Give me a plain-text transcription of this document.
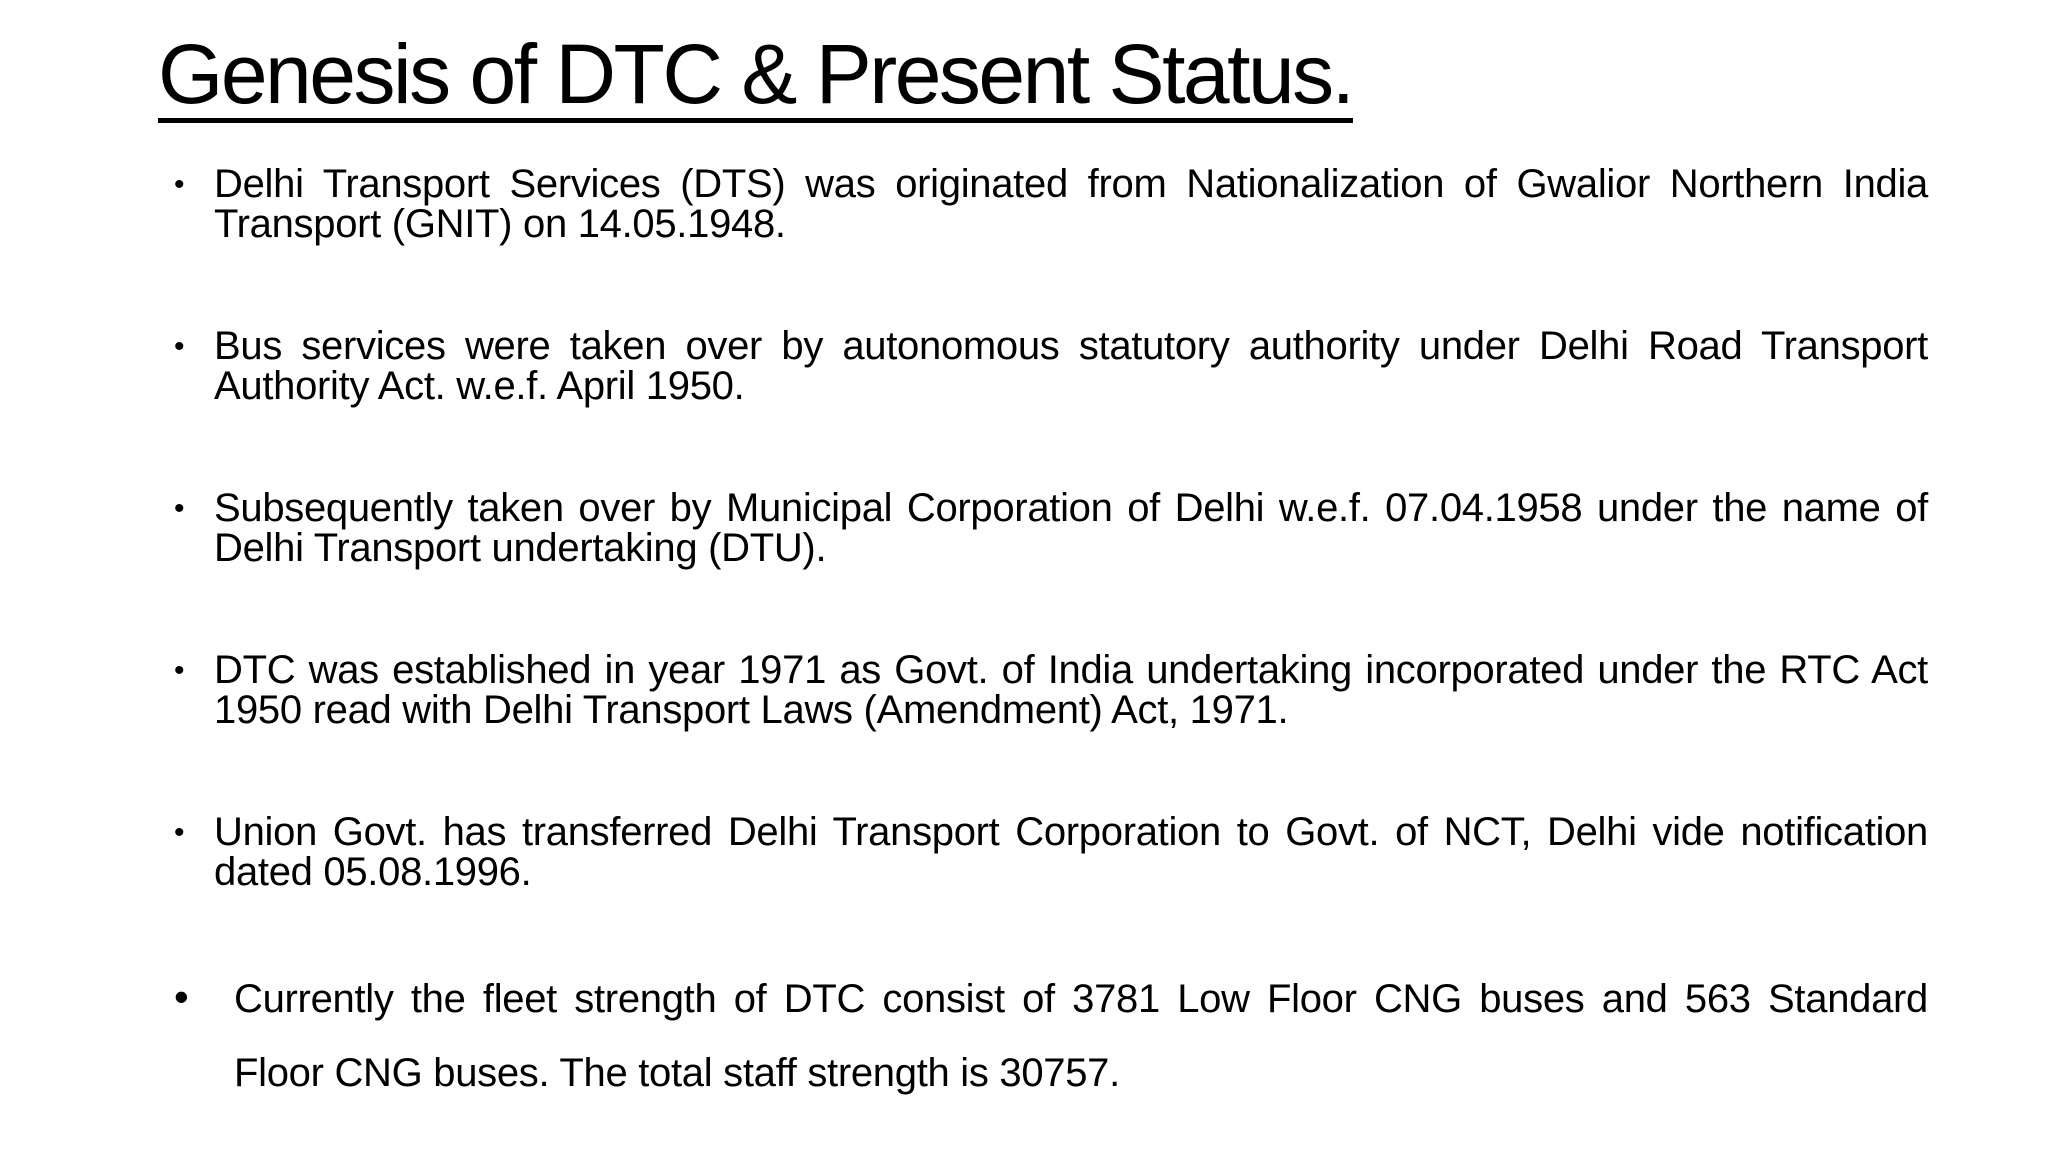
Genesis of DTC & Present Status.
• Delhi Transport Services (DTS) was originated from Nationalization of Gwalior Northern India Transport (GNIT) on 14.05.1948.
• Bus services were taken over by autonomous statutory authority under Delhi Road Transport Authority Act. w.e.f. April 1950.
• Subsequently taken over by Municipal Corporation of Delhi w.e.f. 07.04.1958 under the name of Delhi Transport undertaking (DTU).
• DTC was established in year 1971 as Govt. of India undertaking incorporated under the RTC Act 1950 read with Delhi Transport Laws (Amendment) Act, 1971.
• Union Govt. has transferred Delhi Transport Corporation to Govt. of NCT, Delhi vide notification dated 05.08.1996.
• Currently the fleet strength of DTC consist of 3781 Low Floor CNG buses and 563 Standard Floor CNG buses. The total staff strength is 30757.
